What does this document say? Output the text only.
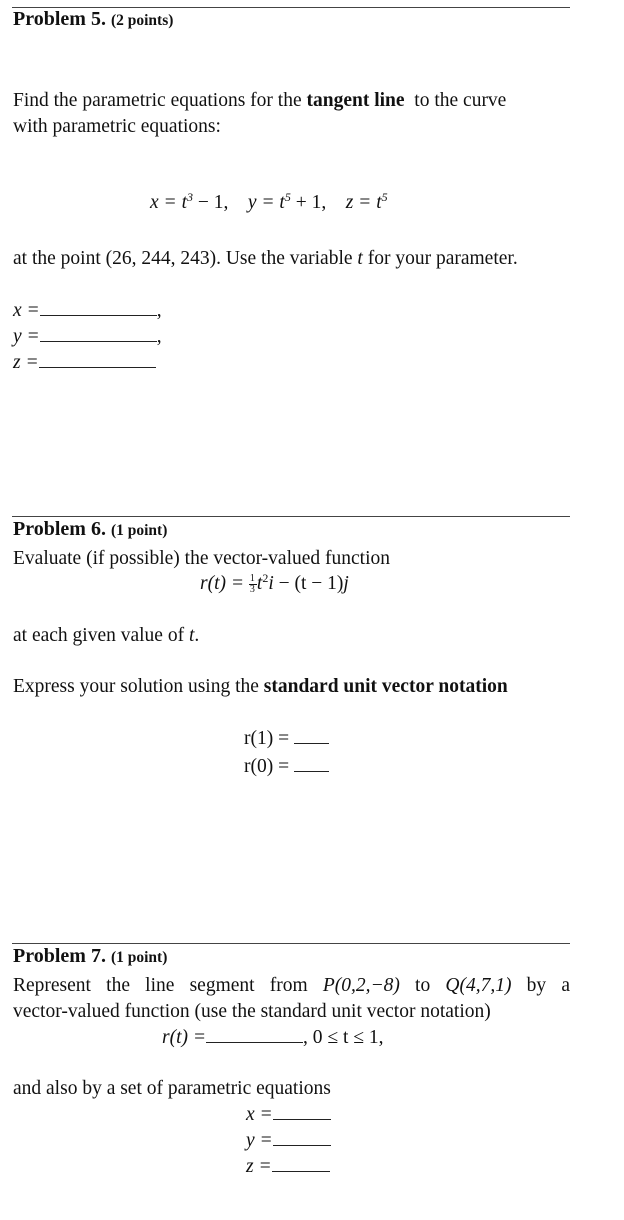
Problem 5. (2 points)
Find the parametric equations for the tangent line to the curve
with parametric equations:
$x = t^3 - 1$, $y = t^5 + 1$, $z = t^5$
at the point (26, 244, 243). Use the variable t for your parameter.
x =	,
y =	,
z =
Problem 6. (1 point)
Evaluate (if possible) the vector-valued function
$r(t) = \frac{1}{3} t^2i - (t - 1)j$
at each given value of t.
Express your solution using the standard unit vector notation
r(1) =
r(0) =
Problem 7. (1 point)
Represent the line segment from P(0,2,−8) to Q(4,7,1) by a
vector-valued function (use the standard unit vector notation)
r(t) =	, 0 ≤ t ≤ 1,
and also by a set of parametric equations
x =
y =
z =
